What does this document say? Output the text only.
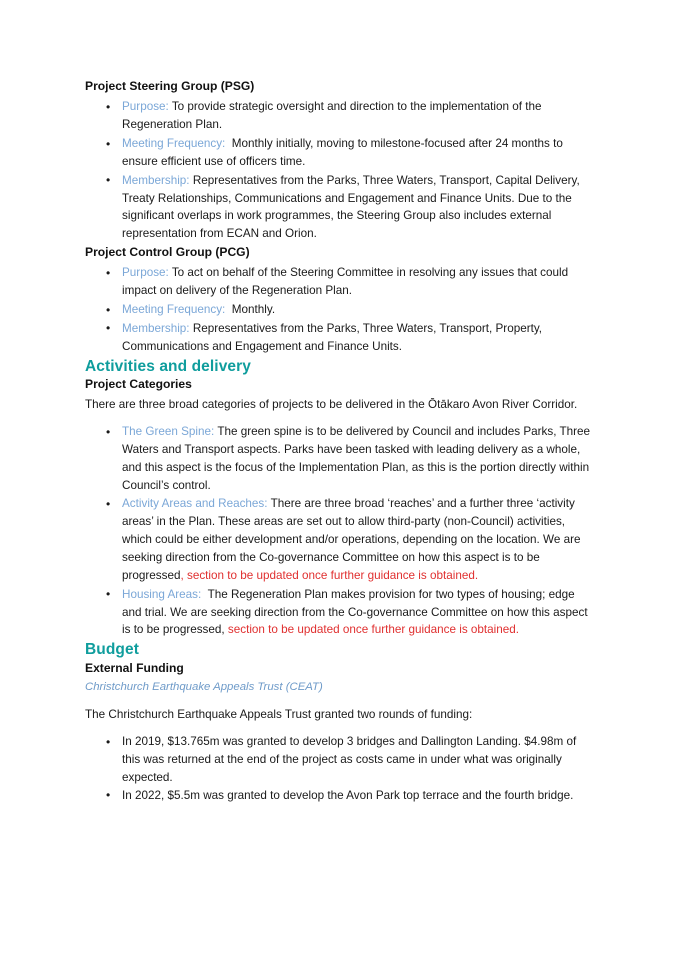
Project Steering Group (PSG)
• Purpose: To provide strategic oversight and direction to the implementation of the Regeneration Plan.
• Meeting Frequency: Monthly initially, moving to milestone-focused after 24 months to ensure efficient use of officers time.
• Membership: Representatives from the Parks, Three Waters, Transport, Capital Delivery, Treaty Relationships, Communications and Engagement and Finance Units. Due to the significant overlaps in work programmes, the Steering Group also includes external representation from ECAN and Orion.
Project Control Group (PCG)
• Purpose: To act on behalf of the Steering Committee in resolving any issues that could impact on delivery of the Regeneration Plan.
• Meeting Frequency: Monthly.
• Membership: Representatives from the Parks, Three Waters, Transport, Property, Communications and Engagement and Finance Units.
Activities and delivery
Project Categories

There are three broad categories of projects to be delivered in the Ōtākaro Avon River Corridor.

• The Green Spine: The green spine is to be delivered by Council and includes Parks, Three Waters and Transport aspects. Parks have been tasked with leading delivery as a whole, and this aspect is the focus of the Implementation Plan, as this is the portion directly within Council’s control.
• Activity Areas and Reaches: There are three broad ‘reaches’ and a further three ‘activity areas’ in the Plan. These areas are set out to allow third-party (non-Council) activities, which could be either development and/or operations, depending on the location. We are seeking direction from the Co-governance Committee on how this aspect is to be progressed, section to be updated once further guidance is obtained.
• Housing Areas: The Regeneration Plan makes provision for two types of housing; edge and trial. We are seeking direction from the Co-governance Committee on how this aspect is to be progressed, section to be updated once further guidance is obtained.
Budget
External Funding
Christchurch Earthquake Appeals Trust (CEAT)

The Christchurch Earthquake Appeals Trust granted two rounds of funding:

• In 2019, $13.765m was granted to develop 3 bridges and Dallington Landing. $4.98m of this was returned at the end of the project as costs came in under what was originally expected.
• In 2022, $5.5m was granted to develop the Avon Park top terrace and the fourth bridge.
